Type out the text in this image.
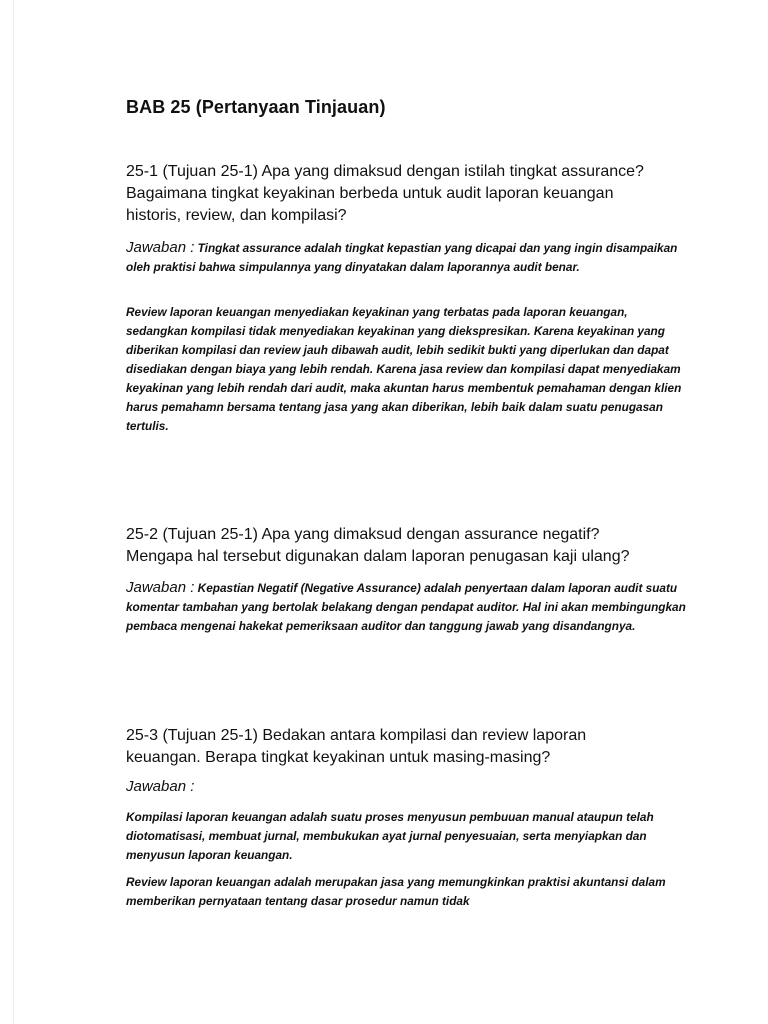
BAB 25 (Pertanyaan Tinjauan)
25-1 (Tujuan 25-1) Apa yang dimaksud dengan istilah tingkat assurance?
Bagaimana tingkat keyakinan berbeda untuk audit laporan keuangan
historis, review, dan kompilasi?

Jawaban : Tingkat assurance adalah tingkat kepastian yang dicapai dan yang ingin disampaikan oleh praktisi bahwa simpulannya yang dinyatakan dalam laporannya audit benar.

Review laporan keuangan menyediakan keyakinan yang terbatas pada laporan keuangan, sedangkan kompilasi tidak menyediakan keyakinan yang diekspresikan. Karena keyakinan yang diberikan kompilasi dan review jauh dibawah audit, lebih sedikit bukti yang diperlukan dan dapat disediakan dengan biaya yang lebih rendah. Karena jasa review dan kompilasi dapat menyediakam keyakinan yang lebih rendah dari audit, maka akuntan harus membentuk pemahaman dengan klien harus pemahamn bersama tentang jasa yang akan diberikan, lebih baik dalam suatu penugasan tertulis.

25-2 (Tujuan 25-1) Apa yang dimaksud dengan assurance negatif?
Mengapa hal tersebut digunakan dalam laporan penugasan kaji ulang?

Jawaban : Kepastian Negatif (Negative Assurance) adalah penyertaan dalam laporan audit suatu komentar tambahan yang bertolak belakang dengan pendapat auditor. Hal ini akan membingungkan pembaca mengenai hakekat pemeriksaan auditor dan tanggung jawab yang disandangnya.

25-3 (Tujuan 25-1) Bedakan antara kompilasi dan review laporan
keuangan. Berapa tingkat keyakinan untuk masing-masing?
Jawaban :

Kompilasi laporan keuangan adalah suatu proses menyusun pembuuan manual ataupun telah diotomatisasi, membuat jurnal, membukukan ayat jurnal penyesuaian, serta menyiapkan dan menyusun laporan keuangan.

Review laporan keuangan adalah merupakan jasa yang memungkinkan praktisi akuntansi dalam memberikan pernyataan tentang dasar prosedur namun tidak
